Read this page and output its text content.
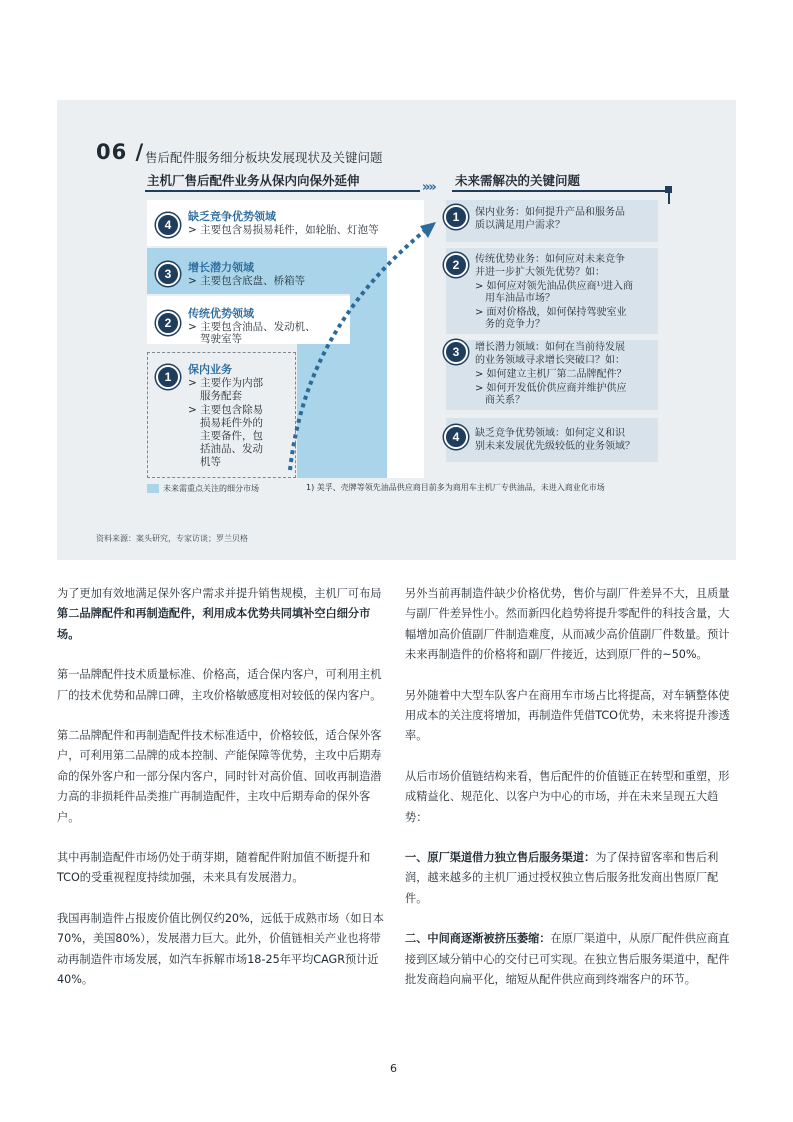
06 / 售后配件服务细分板块发展现状及关键问题
主机厂售后配件业务从保内向保外延伸	未来需解决的关键问题
»»
4
缺乏竞争优势领域
> 主要包含易损易耗件，如轮胎、灯泡等
3	增长潜力领域
> 主要包含底盘、桥箱等
2
传统优势领域
> 主要包含油品、发动机、
驾驶室等
1
保内业务
> 主要作为内部
服务配套
> 主要包含除易
损易耗件外的
主要备件，包
括油品、发动
机等
1	保内业务：如何提升产品和服务品
质以满足用户需求？
2	传统优势业务：如何应对未来竞争
并进一步扩大领先优势？如：
> 如何应对领先油品供应商¹⁾进入商
用车油品市场？
> 面对价格战，如何保持驾驶室业
务的竞争力？
3	增长潜力领域：如何在当前待发展
的业务领域寻求增长突破口？如：
> 如何建立主机厂第二品牌配件？
> 如何开发低价供应商并维护供应
商关系？
4	缺乏竞争优势领域：如何定义和识
别未来发展优先级较低的业务领域？
未来需重点关注的细分市场	1) 美孚、壳牌等领先油品供应商目前多为商用车主机厂专供油品，未进入商业化市场
资料来源：案头研究，专家访谈；罗兰贝格

为了更加有效地满足保外客户需求并提升销售规模，主机厂可布局第二品牌配件和再制造配件，利用成本优势共同填补空白细分市场。

第一品牌配件技术质量标准、价格高，适合保内客户，可利用主机厂的技术优势和品牌口碑，主攻价格敏感度相对较低的保内客户。

第二品牌配件和再制造配件技术标准适中，价格较低，适合保外客户，可利用第二品牌的成本控制、产能保障等优势，主攻中后期寿命的保外客户和一部分保内客户，同时针对高价值、回收再制造潜力高的非损耗件品类推广再制造配件，主攻中后期寿命的保外客户。

其中再制造配件市场仍处于萌芽期，随着配件附加值不断提升和TCO的受重视程度持续加强，未来具有发展潜力。

我国再制造件占报废价值比例仅约20%，远低于成熟市场（如日本70%，美国80%），发展潜力巨大。此外，价值链相关产业也将带动再制造件市场发展，如汽车拆解市场18-25年平均CAGR预计近40%。

另外当前再制造件缺少价格优势，售价与副厂件差异不大，且质量与副厂件差异性小。然而新四化趋势将提升零配件的科技含量，大幅增加高价值副厂件制造难度，从而减少高价值副厂件数量。预计未来再制造件的价格将和副厂件接近，达到原厂件的~50%。

另外随着中大型车队客户在商用车市场占比将提高，对车辆整体使用成本的关注度将增加，再制造件凭借TCO优势，未来将提升渗透率。

从后市场价值链结构来看，售后配件的价值链正在转型和重塑，形成精益化、规范化、以客户为中心的市场，并在未来呈现五大趋势：

一、原厂渠道借力独立售后服务渠道：为了保持留客率和售后利润，越来越多的主机厂通过授权独立售后服务批发商出售原厂配件。

二、中间商逐渐被挤压萎缩：在原厂渠道中，从原厂配件供应商直接到区域分销中心的交付已可实现。在独立售后服务渠道中，配件批发商趋向扁平化，缩短从配件供应商到终端客户的环节。

6
